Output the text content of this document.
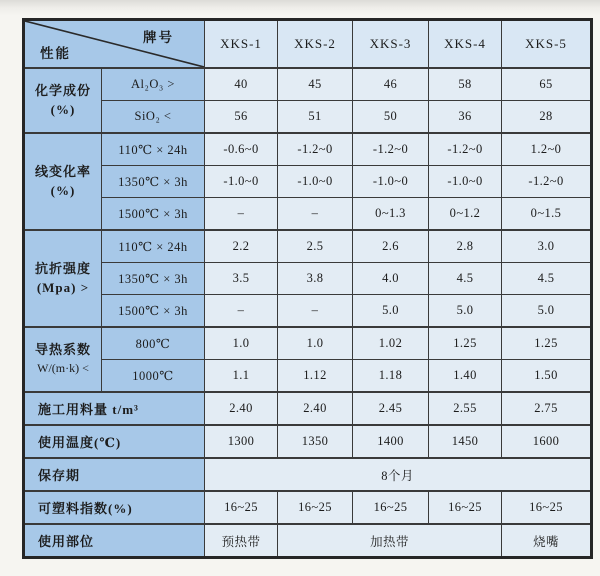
牌号
性能		XKS-1	XKS-2	XKS-3	XKS-4	XKS-5

化学成份
(%)	Al₂O₃ >	40	45	46	58	65
	SiO₂ <	56	51	50	36	28

线变化率
(%)	110℃ × 24h	-0.6~0	-1.2~0	-1.2~0	-1.2~0	1.2~0
	1350℃ × 3h	-1.0~0	-1.0~0	-1.0~0	-1.0~0	-1.2~0
	1500℃ × 3h	–	–	0~1.3	0~1.2	0~1.5

抗折强度
(Mpa) >	110℃ × 24h	2.2	2.5	2.6	2.8	3.0
	1350℃ × 3h	3.5	3.8	4.0	4.5	4.5
	1500℃ × 3h	–	–	5.0	5.0	5.0

导热系数
W/(m·k) <	800℃	1.0	1.0	1.02	1.25	1.25
	1000℃	1.1	1.12	1.18	1.40	1.50
施工用料量 t/m³		2.40	2.40	2.45	2.55	2.75
使用温度(℃)		1300	1350	1400	1450	1600
保存期		8个月				
可塑料指数(%)		16~25	16~25	16~25	16~25	16~25
使用部位		预热带	加热带			烧嘴
